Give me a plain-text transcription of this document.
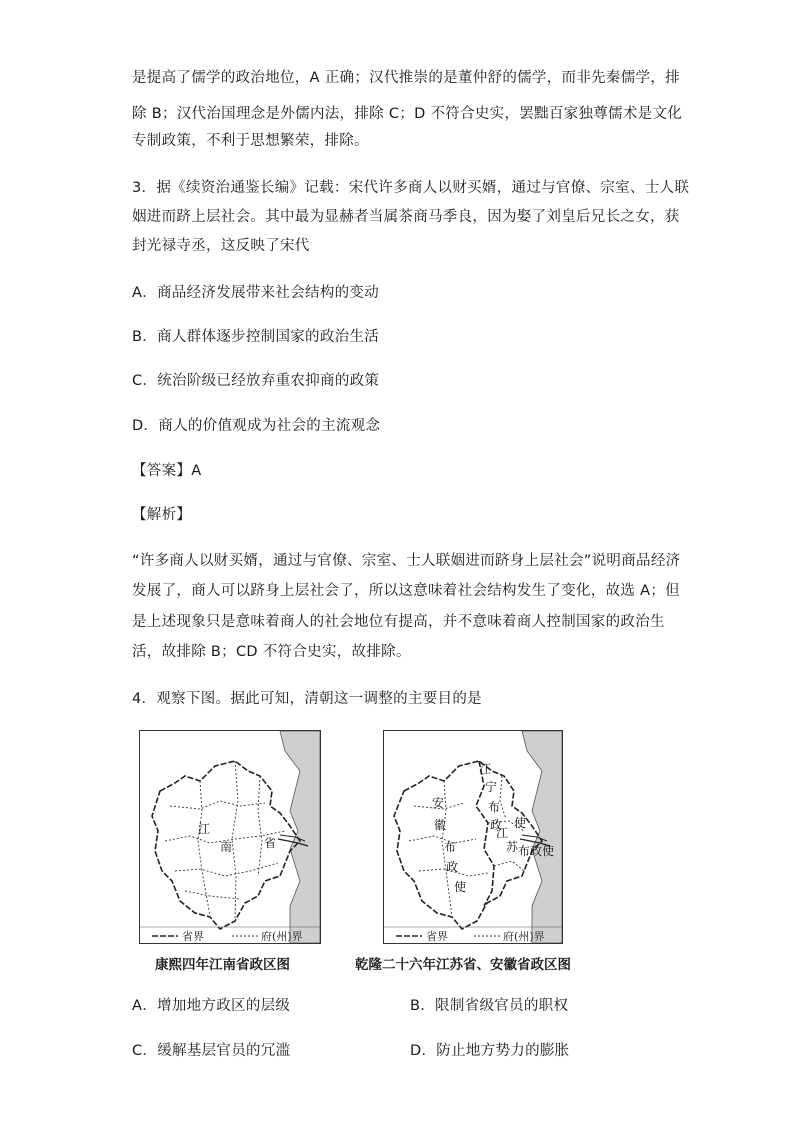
是提高了儒学的政治地位，A 正确；汉代推崇的是董仲舒的儒学，而非先秦儒学，排
除 B；汉代治国理念是外儒内法，排除 C；D 不符合史实，罢黜百家独尊儒术是文化
专制政策，不利于思想繁荣，排除。
3．据《续资治通鉴长编》记载：宋代许多商人以财买婿，通过与官僚、宗室、士人联
姻进而跻上层社会。其中最为显赫者当属茶商马季良，因为娶了刘皇后兄长之女，获
封光禄寺丞，这反映了宋代
A．商品经济发展带来社会结构的变动
B．商人群体逐步控制国家的政治生活
C．统治阶级已经放弃重农抑商的政策
D．商人的价值观成为社会的主流观念
【答案】A
【解析】
“许多商人以财买婿，通过与官僚、宗室、士人联姻进而跻身上层社会”说明商品经济
发展了，商人可以跻身上层社会了，所以这意味着社会结构发生了变化，故选 A；但
是上述现象只是意味着商人的社会地位有提高，并不意味着商人控制国家的政治生
活，故排除 B；CD 不符合史实，故排除。
4．观察下图。据此可知，清朝这一调整的主要目的是
江
南	省
省界	府(州)界
康熙四年江南省政区图
江
宁
布
政 使
安
徽
布
政
使
江
苏 布 政 使
省界	府(州)界
乾隆二十六年江苏省、安徽省政区图
A．增加地方政区的层级	B．限制省级官员的职权
C．缓解基层官员的冗滥	D．防止地方势力的膨胀
